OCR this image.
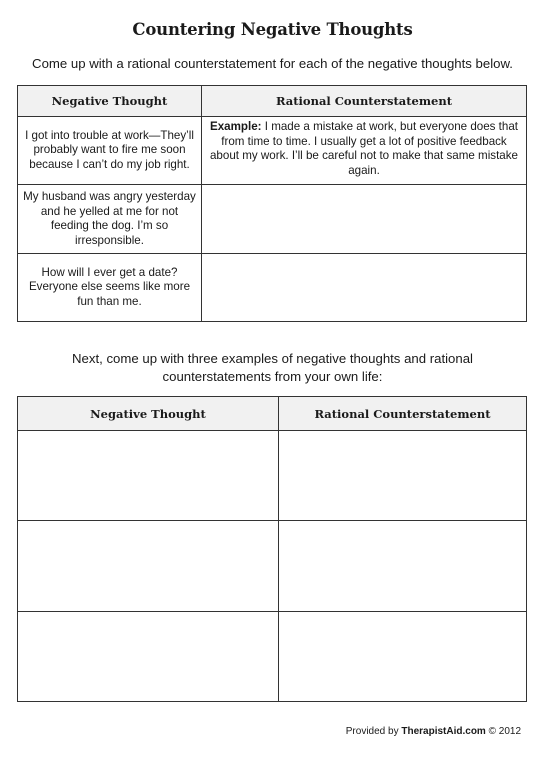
Countering Negative Thoughts
Come up with a rational counterstatement for each of the negative thoughts below.
Negative Thought	Rational Counterstatement
I got into trouble at work—They’ll probably want to fire me soon because I can’t do my job right.	Example: I made a mistake at work, but everyone does that from time to time. I usually get a lot of positive feedback about my work. I’ll be careful not to make that same mistake again.
My husband was angry yesterday and he yelled at me for not feeding the dog. I’m so irresponsible.	
How will I ever get a date? Everyone else seems like more fun than me.	
Next, come up with three examples of negative thoughts and rational counterstatements from your own life:
Negative Thought	Rational Counterstatement

Provided by TherapistAid.com © 2012
